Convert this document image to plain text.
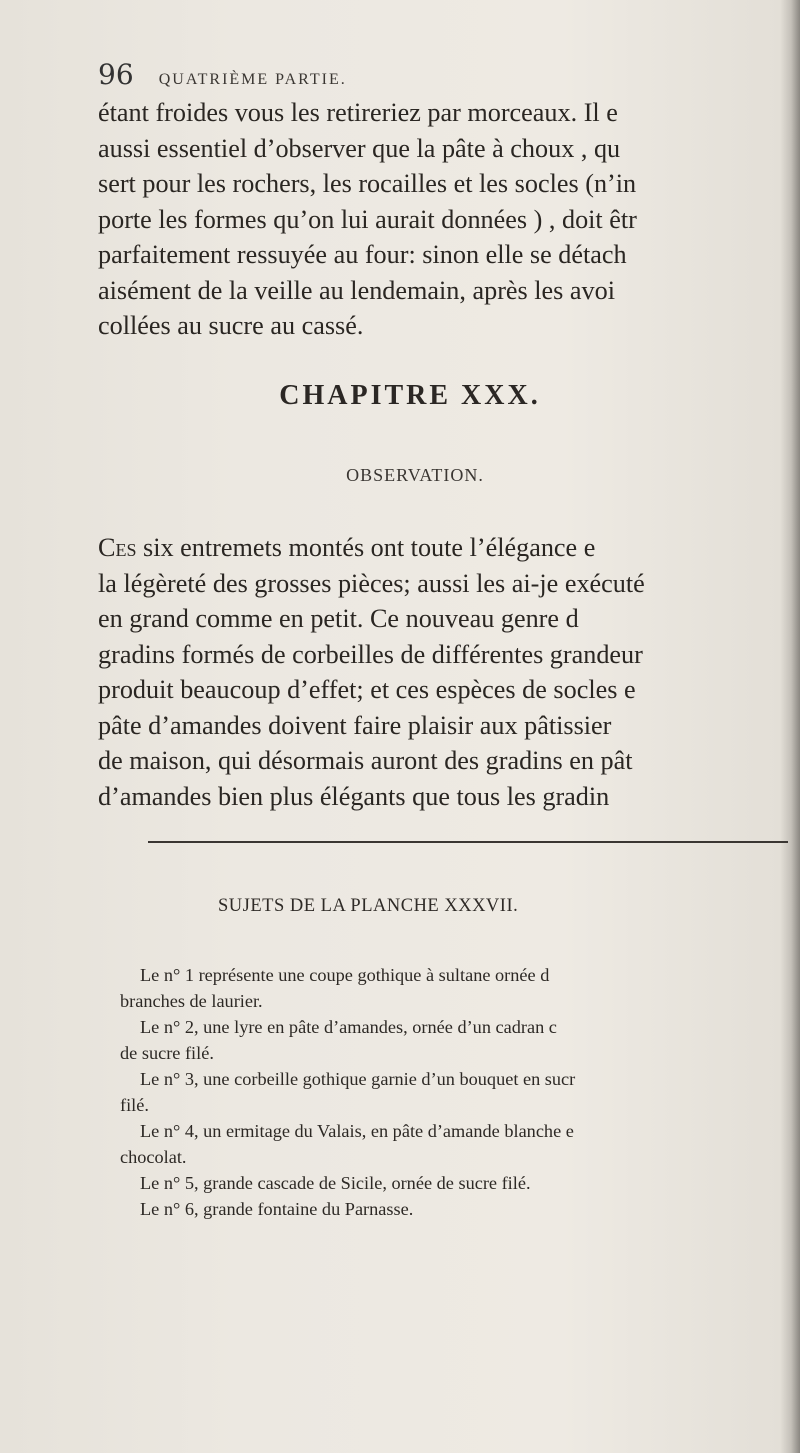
96 QUATRIÈME PARTIE.
étant froides vous les retireriez par morceaux. Il e
aussi essentiel d’observer que la pâte à choux , qu
sert pour les rochers, les rocailles et les socles (n’in
porte les formes qu’on lui aurait données ) , doit êtr
parfaitement ressuyée au four: sinon elle se détach
aisément de la veille au lendemain, après les avoi
collées au sucre au cassé.
CHAPITRE XXX.
OBSERVATION.
Ces six entremets montés ont toute l’élégance e
la légèreté des grosses pièces; aussi les ai-je exécuté
en grand comme en petit. Ce nouveau genre d
gradins formés de corbeilles de différentes grandeur
produit beaucoup d’effet; et ces espèces de socles e
pâte d’amandes doivent faire plaisir aux pâtissier
de maison, qui désormais auront des gradins en pât
d’amandes bien plus élégants que tous les gradin
SUJETS DE LA PLANCHE XXXVII.
Le n° 1 représente une coupe gothique à sultane ornée d
branches de laurier.
Le n° 2, une lyre en pâte d’amandes, ornée d’un cadran c
de sucre filé.
Le n° 3, une corbeille gothique garnie d’un bouquet en sucr
filé.
Le n° 4, un ermitage du Valais, en pâte d’amande blanche e
chocolat.
Le n° 5, grande cascade de Sicile, ornée de sucre filé.
Le n° 6, grande fontaine du Parnasse.
